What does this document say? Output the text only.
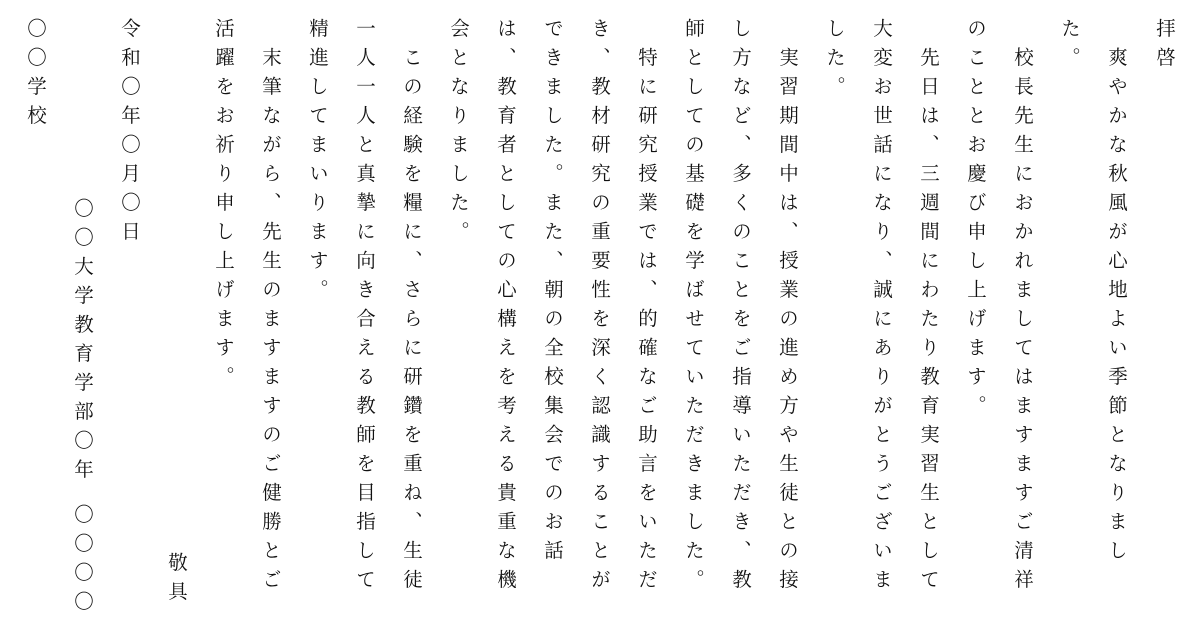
拝啓
　爽やかな秋風が心地よい季節となりまし
た。
　校長先生におかれましてはますますご清祥
のこととお慶び申し上げます。
　先日は、三週間にわたり教育実習生として
大変お世話になり、誠にありがとうございま
した。
　実習期間中は、授業の進め方や生徒との接
し方など、多くのことをご指導いただき、教
師としての基礎を学ばせていただきました。
　特に研究授業では、的確なご助言をいただ
き、教材研究の重要性を深く認識することが
できました。また、朝の全校集会でのお話
は、教育者としての心構えを考える貴重な機
会となりました。
　この経験を糧に、さらに研鑽を重ね、生徒
一人一人と真摯に向き合える教師を目指して
精進してまいります。
　末筆ながら、先生のますますのご健勝とご
活躍をお祈り申し上げます。
敬具
令和〇年〇月〇日
〇〇大学教育学部〇年 〇〇〇〇
〇〇学校
